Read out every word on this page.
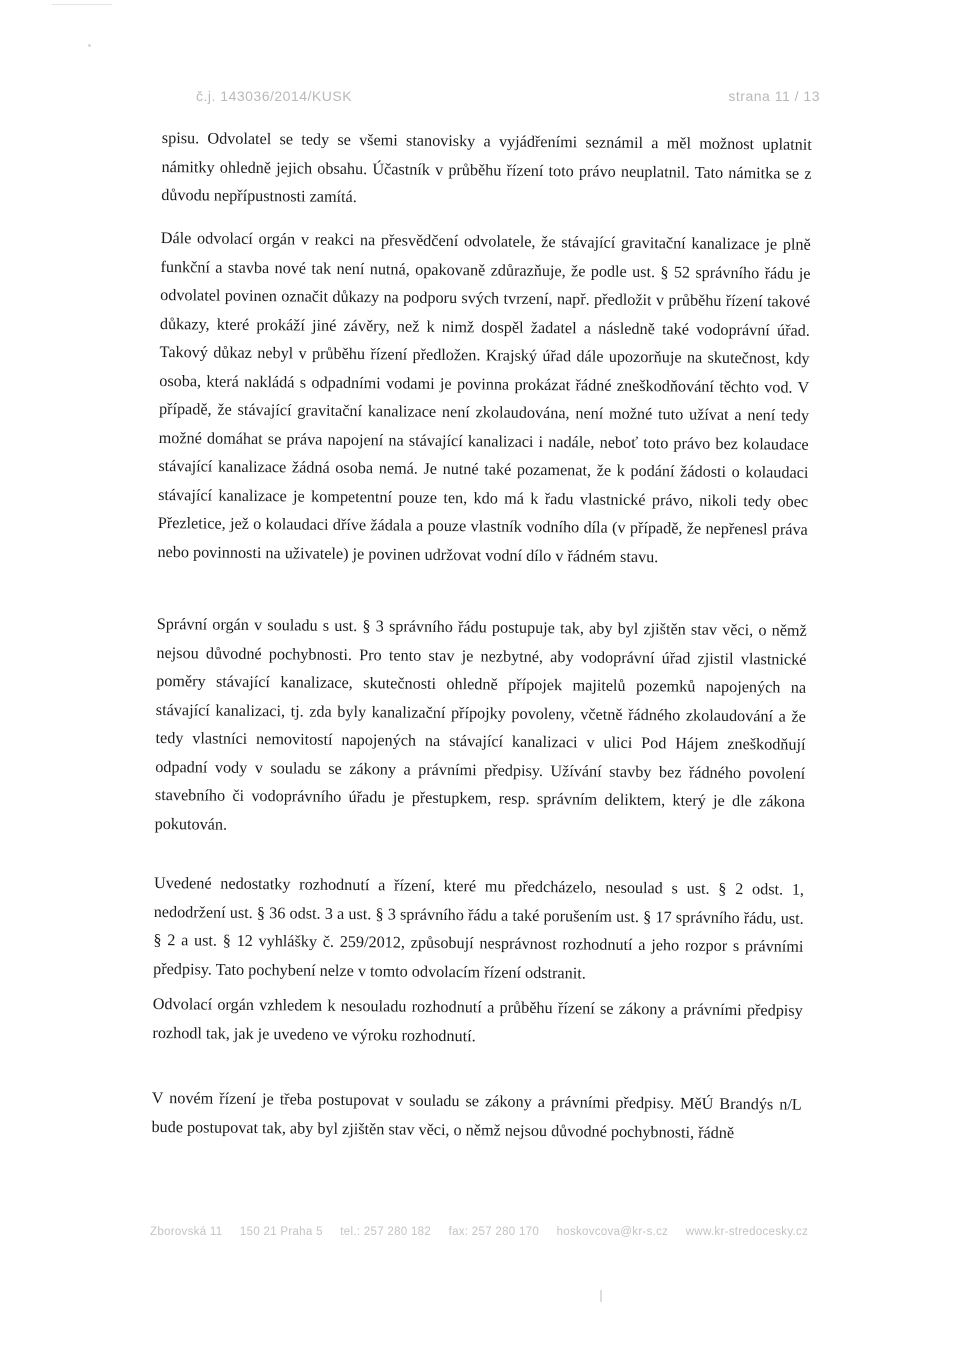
č.j. 143036/2014/KUSK	strana 11 / 13

spisu. Odvolatel se tedy se všemi stanovisky a vyjádřeními seznámil a měl možnost uplatnit námitky ohledně jejich obsahu. Účastník v průběhu řízení toto právo neuplatnil. Tato námitka se z důvodu nepřípustnosti zamítá.

Dále odvolací orgán v reakci na přesvědčení odvolatele, že stávající gravitační kanalizace je plně funkční a stavba nové tak není nutná, opakovaně zdůrazňuje, že podle ust. § 52 správního řádu je odvolatel povinen označit důkazy na podporu svých tvrzení, např. předložit v průběhu řízení takové důkazy, které prokáží jiné závěry, než k nimž dospěl žadatel a následně také vodoprávní úřad. Takový důkaz nebyl v průběhu řízení předložen. Krajský úřad dále upozorňuje na skutečnost, kdy osoba, která nakládá s odpadními vodami je povinna prokázat řádné zneškodňování těchto vod. V případě, že stávající gravitační kanalizace není zkolaudována, není možné tuto užívat a není tedy možné domáhat se práva napojení na stávající kanalizaci i nadále, neboť toto právo bez kolaudace stávající kanalizace žádná osoba nemá. Je nutné také pozamenat, že k podání žádosti o kolaudaci stávající kanalizace je kompetentní pouze ten, kdo má k řadu vlastnické právo, nikoli tedy obec Přezletice, jež o kolaudaci dříve žádala a pouze vlastník vodního díla (v případě, že nepřenesl práva nebo povinnosti na uživatele) je povinen udržovat vodní dílo v řádném stavu.

Správní orgán v souladu s ust. § 3 správního řádu postupuje tak, aby byl zjištěn stav věci, o němž nejsou důvodné pochybnosti. Pro tento stav je nezbytné, aby vodoprávní úřad zjistil vlastnické poměry stávající kanalizace, skutečnosti ohledně přípojek majitelů pozemků napojených na stávající kanalizaci, tj. zda byly kanalizační přípojky povoleny, včetně řádného zkolaudování a že tedy vlastníci nemovitostí napojených na stávající kanalizaci v ulici Pod Hájem zneškodňují odpadní vody v souladu se zákony a právními předpisy. Užívání stavby bez řádného povolení stavebního či vodoprávního úřadu je přestupkem, resp. správním deliktem, který je dle zákona pokutován.

Uvedené nedostatky rozhodnutí a řízení, které mu předcházelo, nesoulad s ust. § 2 odst. 1, nedodržení ust. § 36 odst. 3 a ust. § 3 správního řádu a také porušením ust. § 17 správního řádu, ust. § 2 a ust. § 12 vyhlášky č. 259/2012, způsobují nesprávnost rozhodnutí a jeho rozpor s právními předpisy. Tato pochybení nelze v tomto odvolacím řízení odstranit.

Odvolací orgán vzhledem k nesouladu rozhodnutí a průběhu řízení se zákony a právními předpisy rozhodl tak, jak je uvedeno ve výroku rozhodnutí.

V novém řízení je třeba postupovat v souladu se zákony a právními předpisy. MěÚ Brandýs n/L bude postupovat tak, aby byl zjištěn stav věci, o němž nejsou důvodné pochybnosti, řádně

Zborovská 11 150 21 Praha 5 tel.: 257 280 182 fax: 257 280 170 hoskovcova@kr-s.cz www.kr-stredocesky.cz
